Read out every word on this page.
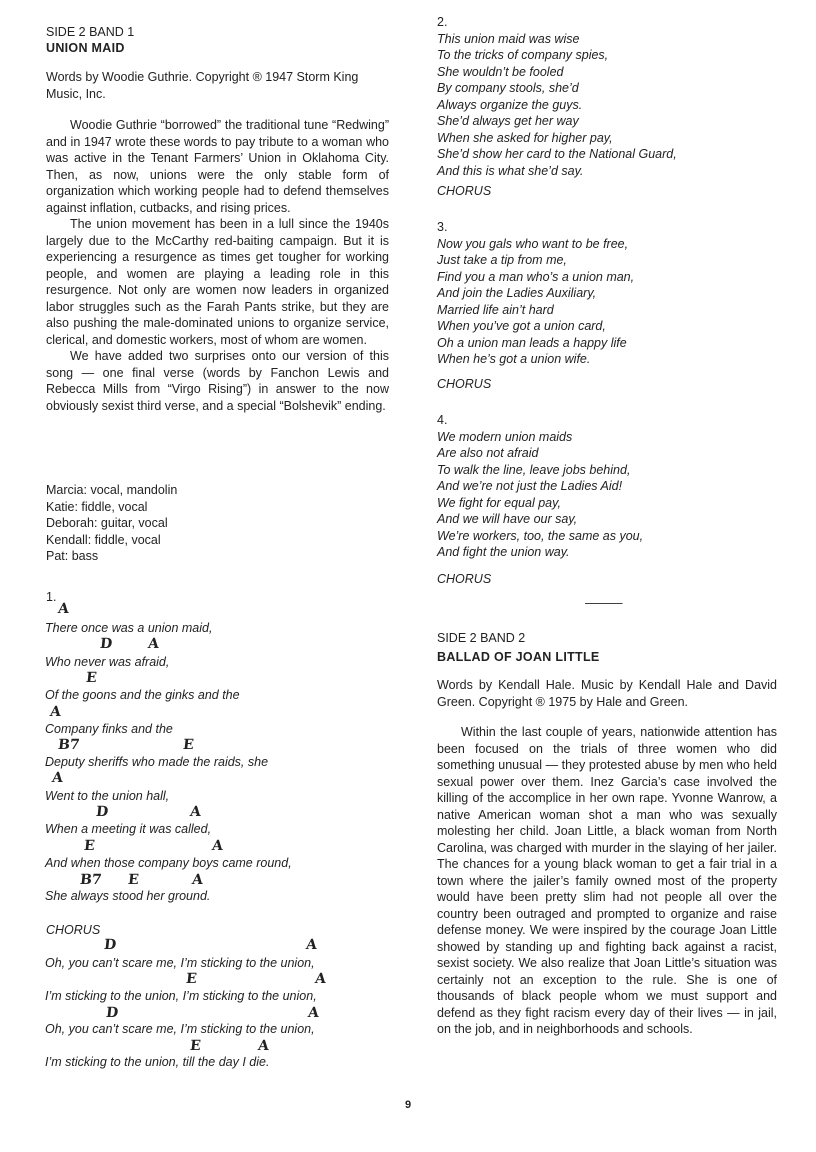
SIDE 2 BAND 1
UNION MAID

Words by Woodie Guthrie. Copyright ® 1947 Storm King Music, Inc.

Woodie Guthrie “borrowed” the traditional tune “Redwing” and in 1947 wrote these words to pay tribute to a woman who was active in the Tenant Farmers’ Union in Oklahoma City. Then, as now, unions were the only stable form of organization which working people had to defend themselves against inflation, cutbacks, and rising prices.

The union movement has been in a lull since the 1940s largely due to the McCarthy red-baiting campaign. But it is experiencing a resurgence as times get tougher for working people, and women are playing a leading role in this resurgence. Not only are women now leaders in organized labor struggles such as the Farah Pants strike, but they are also pushing the male-dominated unions to organize service, clerical, and domestic workers, most of whom are women.

We have added two surprises onto our version of this song — one final verse (words by Fanchon Lewis and Rebecca Mills from “Virgo Rising”) in answer to the now obviously sexist third verse, and a special “Bolshevik” ending.

Marcia: vocal, mandolin
Katie: fiddle, vocal
Deborah: guitar, vocal
Kendall: fiddle, vocal
Pat: bass
1.
A
There once was a union maid,
D A
Who never was afraid,
E
Of the goons and the ginks and the
A
Company finks and the
B7	E
Deputy sheriffs who made the raids, she
A
Went to the union hall,
D	A
When a meeting it was called,
E	A
And when those company boys came round,
B7 E	A
She always stood her ground.
CHORUS
D	A
Oh, you can’t scare me, I’m sticking to the union,
E	A
I’m sticking to the union, I’m sticking to the union,
D	A
Oh, you can’t scare me, I’m sticking to the union,
E	A
I’m sticking to the union, till the day I die.
2.
This union maid was wise
To the tricks of company spies,
She wouldn’t be fooled
By company stools, she’d
Always organize the guys.
She’d always get her way
When she asked for higher pay,
She’d show her card to the National Guard,
And this is what she’d say.
CHORUS
3.
Now you gals who want to be free,
Just take a tip from me,
Find you a man who’s a union man,
And join the Ladies Auxiliary,
Married life ain’t hard
When you’ve got a union card,
Oh a union man leads a happy life
When he’s got a union wife.
CHORUS
4.
We modern union maids
Are also not afraid
To walk the line, leave jobs behind,
And we’re not just the Ladies Aid!
We fight for equal pay,
And we will have our say,
We’re workers, too, the same as you,
And fight the union way.
CHORUS
———
SIDE 2 BAND 2
BALLAD OF JOAN LITTLE

Words by Kendall Hale. Music by Kendall Hale and David Green. Copyright ® 1975 by Hale and Green.

Within the last couple of years, nationwide attention has been focused on the trials of three women who did something unusual — they protested abuse by men who held sexual power over them. Inez Garcia’s case involved the killing of the accomplice in her own rape. Yvonne Wanrow, a native American woman shot a man who was sexually molesting her child. Joan Little, a black woman from North Carolina, was charged with murder in the slaying of her jailer. The chances for a young black woman to get a fair trial in a town where the jailer’s family owned most of the property would have been pretty slim had not people all over the country been outraged and prompted to organize and raise defense money. We were inspired by the courage Joan Little showed by standing up and fighting back against a racist, sexist society. We also realize that Joan Little’s situation was certainly not an exception to the rule. She is one of thousands of black people whom we must support and defend as they fight racism every day of their lives — in jail, on the job, and in neighborhoods and schools.

9
